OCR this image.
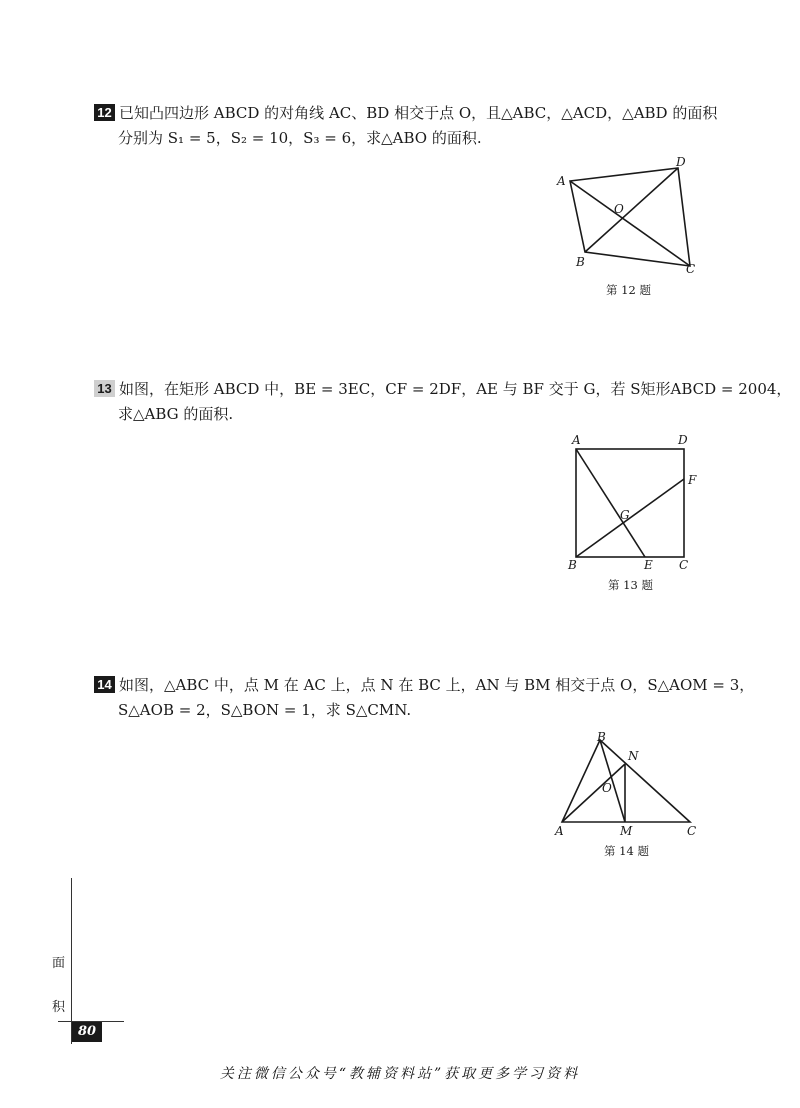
12 已知凸四边形 ABCD 的对角线 AC、BD 相交于点 O，且△ABC，△ACD，△ABD 的面积
分别为 S₁ = 5，S₂ = 10，S₃ = 6，求△ABO 的面积.
A
D
O
B	C
第 12 题
13 如图，在矩形 ABCD 中，BE = 3EC，CF = 2DF，AE 与 BF 交于 G，若 S矩形ABCD = 2004，
求△ABG 的面积.
A	D
F
G
B	E C
第 13 题
14 如图，△ABC 中，点 M 在 AC 上，点 N 在 BC 上，AN 与 BM 相交于点 O，S△AOM = 3，
S△AOB = 2，S△BON = 1，求 S△CMN.
B
N
O
A	M	C
第 14 题
面
积
80
关注微信公众号“教辅资料站”获取更多学习资料
